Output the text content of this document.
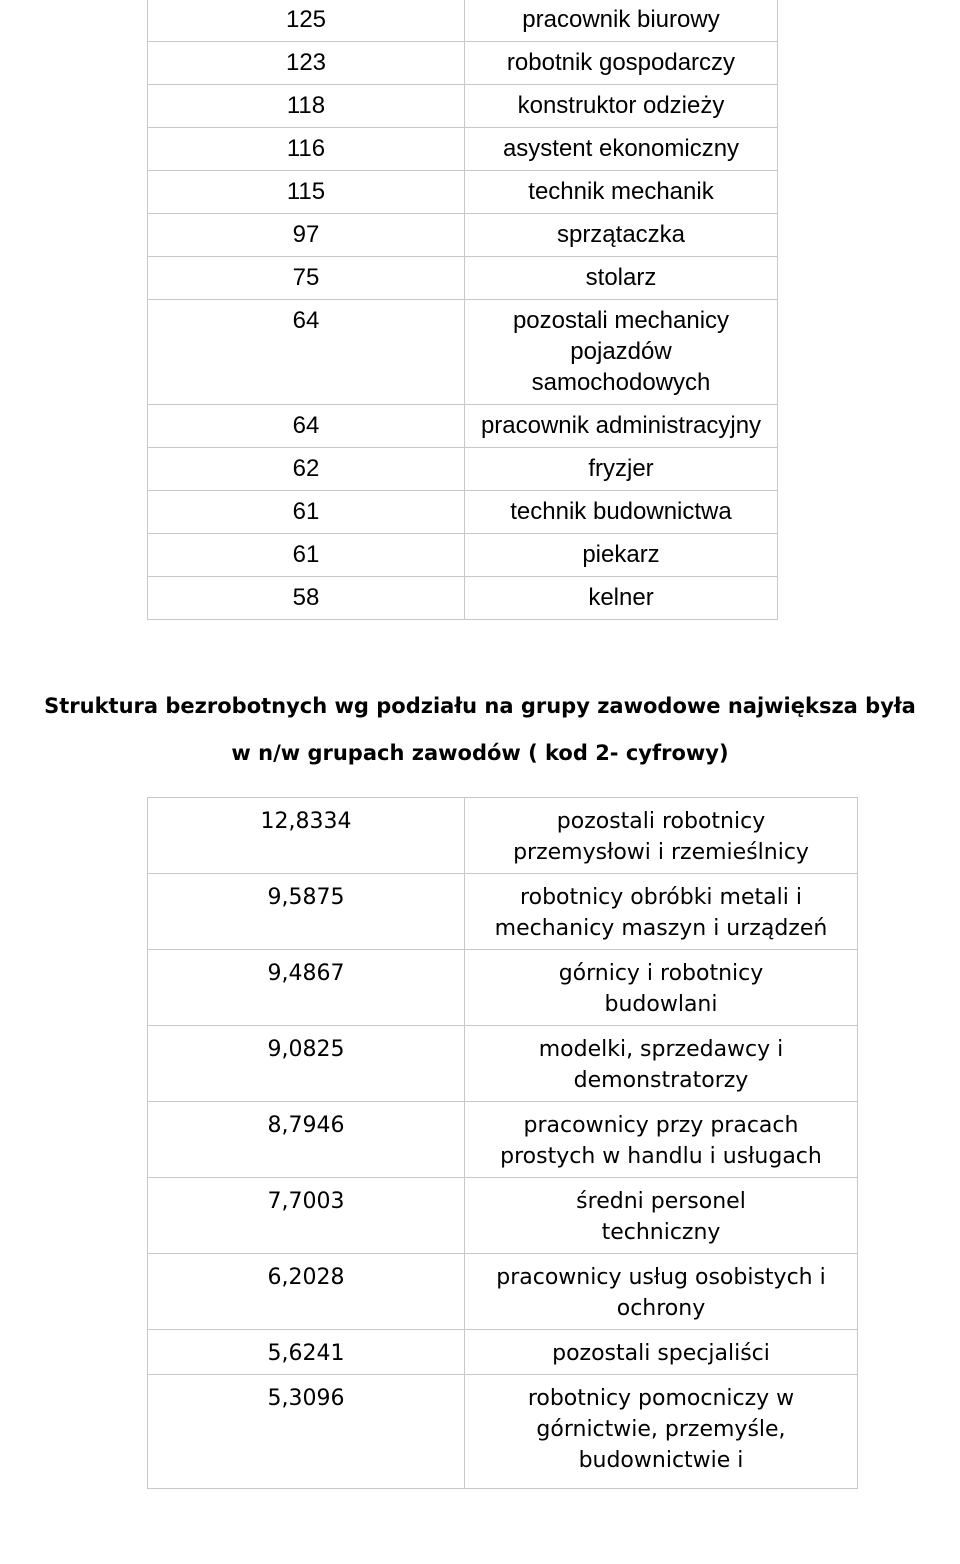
125	pracownik biurowy
123	robotnik gospodarczy
118	konstruktor odzieży
116	asystent ekonomiczny
115	technik mechanik
97	sprzątaczka
75	stolarz
64	pozostali mechanicy pojazdów samochodowych
64	pracownik administracyjny
62	fryzjer
61	technik budownictwa
61	piekarz
58	kelner
Struktura bezrobotnych wg podziału na grupy zawodowe największa była
w n/w grupach zawodów ( kod 2- cyfrowy)
12,8334	pozostali robotnicy przemysłowi i rzemieślnicy
9,5875	robotnicy obróbki metali i mechanicy maszyn i urządzeń
9,4867	górnicy i robotnicy budowlani
9,0825	modelki, sprzedawcy i demonstratorzy
8,7946	pracownicy przy pracach prostych w handlu i usługach
7,7003	średni personel techniczny
6,2028	pracownicy usług osobistych i ochrony
5,6241	pozostali specjaliści
5,3096	robotnicy pomocniczy w górnictwie, przemyśle, budownictwie i
